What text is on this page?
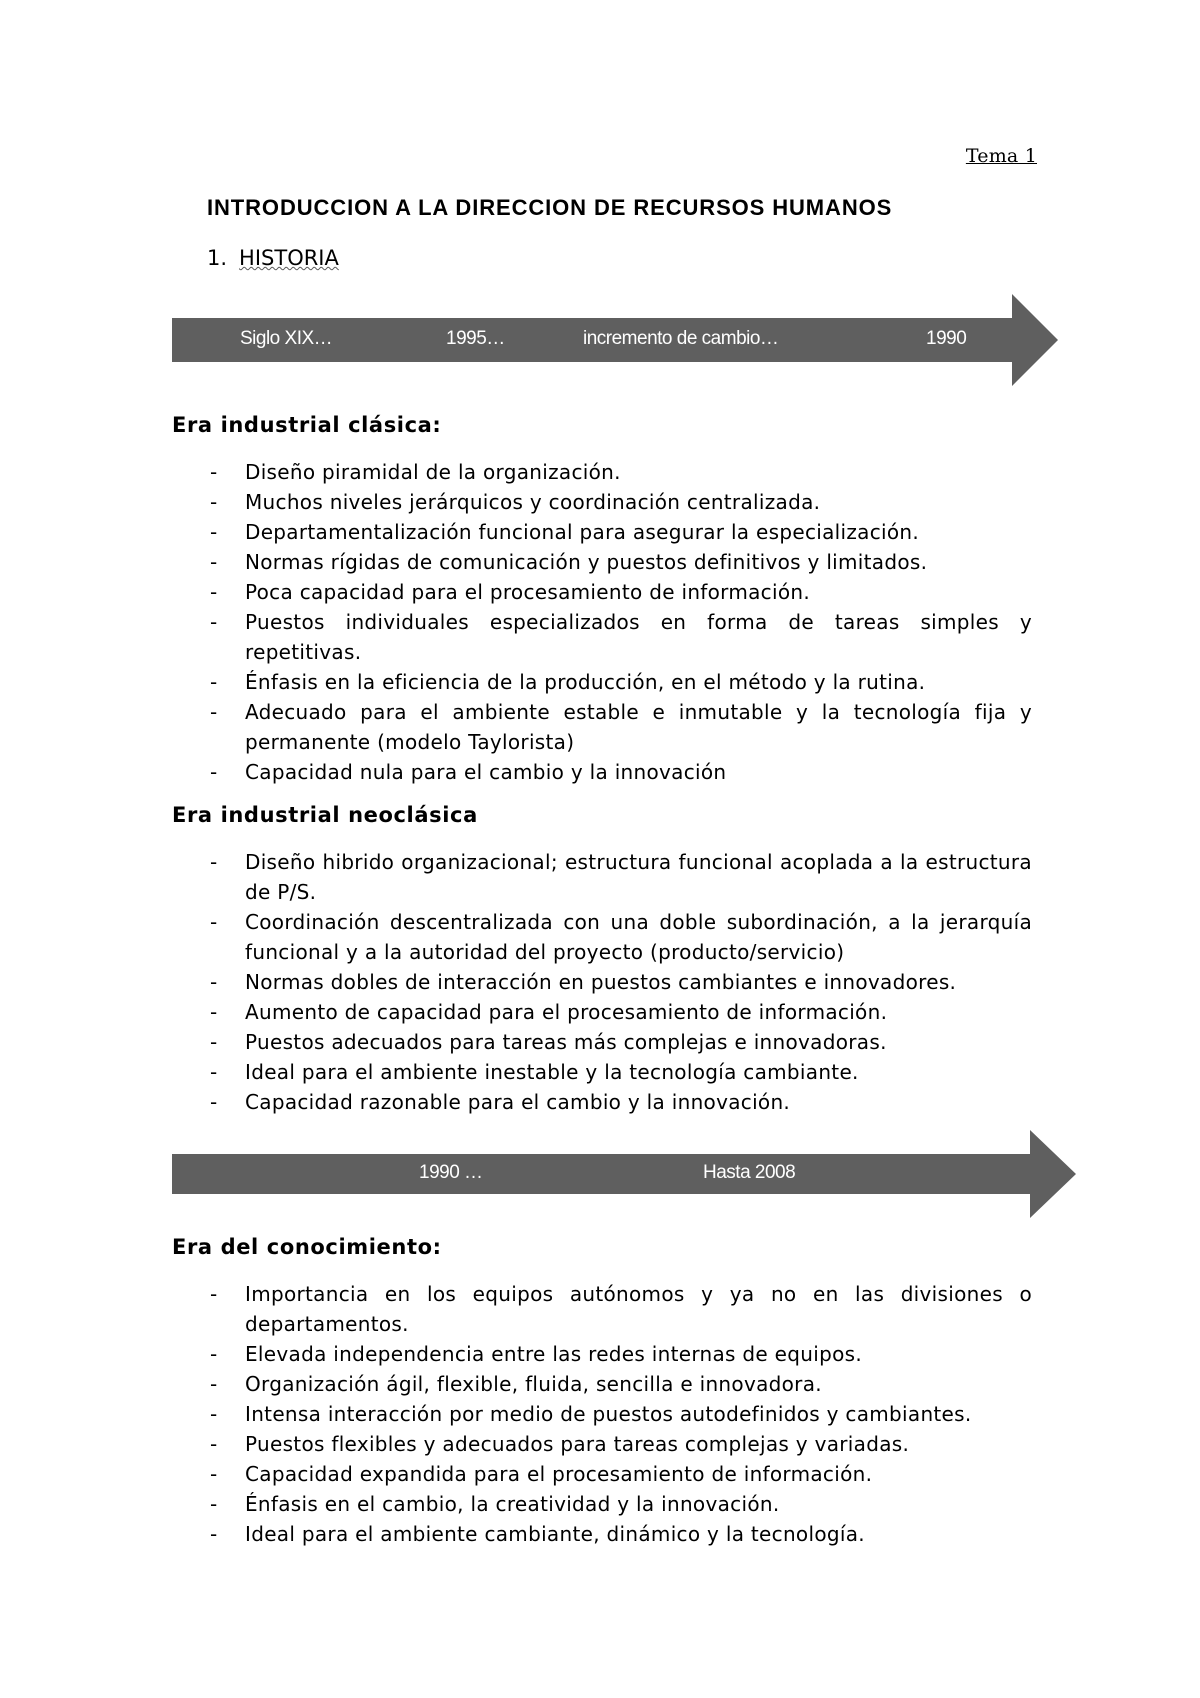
Tema 1
INTRODUCCION A LA DIRECCION DE RECURSOS HUMANOS
1. HISTORIA
Siglo XIX…	1995…	incremento de cambio…	1990
Era industrial clásica:
- Diseño piramidal de la organización.
- Muchos niveles jerárquicos y coordinación centralizada.
- Departamentalización funcional para asegurar la especialización.
- Normas rígidas de comunicación y puestos definitivos y limitados.
- Poca capacidad para el procesamiento de información.
- Puestos individuales especializados en forma de tareas simples y repetitivas.
- Énfasis en la eficiencia de la producción, en el método y la rutina.
- Adecuado para el ambiente estable e inmutable y la tecnología fija y permanente (modelo Taylorista)
- Capacidad nula para el cambio y la innovación
Era industrial neoclásica
- Diseño hibrido organizacional; estructura funcional acoplada a la estructura de P/S.
- Coordinación descentralizada con una doble subordinación, a la jerarquía funcional y a la autoridad del proyecto (producto/servicio)
- Normas dobles de interacción en puestos cambiantes e innovadores.
- Aumento de capacidad para el procesamiento de información.
- Puestos adecuados para tareas más complejas e innovadoras.
- Ideal para el ambiente inestable y la tecnología cambiante.
- Capacidad razonable para el cambio y la innovación.
1990 …	Hasta 2008
Era del conocimiento:
- Importancia en los equipos autónomos y ya no en las divisiones o departamentos.
- Elevada independencia entre las redes internas de equipos.
- Organización ágil, flexible, fluida, sencilla e innovadora.
- Intensa interacción por medio de puestos autodefinidos y cambiantes.
- Puestos flexibles y adecuados para tareas complejas y variadas.
- Capacidad expandida para el procesamiento de información.
- Énfasis en el cambio, la creatividad y la innovación.
- Ideal para el ambiente cambiante, dinámico y la tecnología.
